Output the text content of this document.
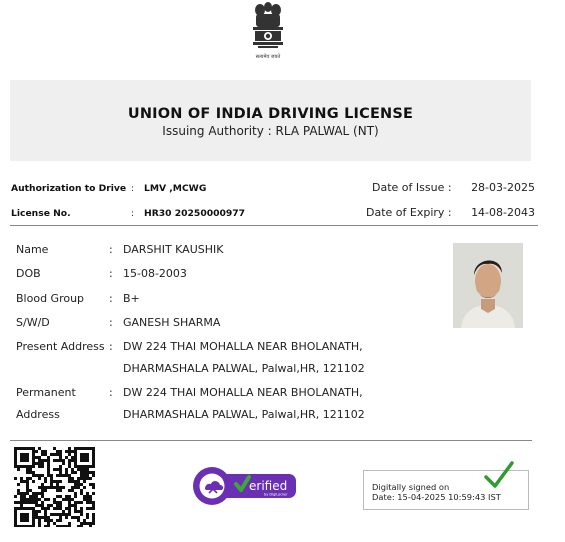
सत्यमेव जयते
UNION OF INDIA DRIVING LICENSE
Issuing Authority : RLA PALWAL (NT)
Authorization to Drive : LMV ,MCWG	Date of Issue : 28-03-2025
License No.	: HR30 20250000977	Date of Expiry : 14-08-2043
Name	: DARSHIT KAUSHIK
DOB	: 15-08-2003
Blood Group : B+
S/W/D	: GANESH SHARMA
Present Address : DW 224 THAI MOHALLA NEAR BHOLANATH,
DHARMASHALA PALWAL, Palwal,HR, 121102
Permanent	: DW 224 THAI MOHALLA NEAR BHOLANATH,
Address	DHARMASHALA PALWAL, Palwal,HR, 121102
erified
by DigiLocker
Digitally signed on
Date: 15-04-2025 10:59:43 IST
